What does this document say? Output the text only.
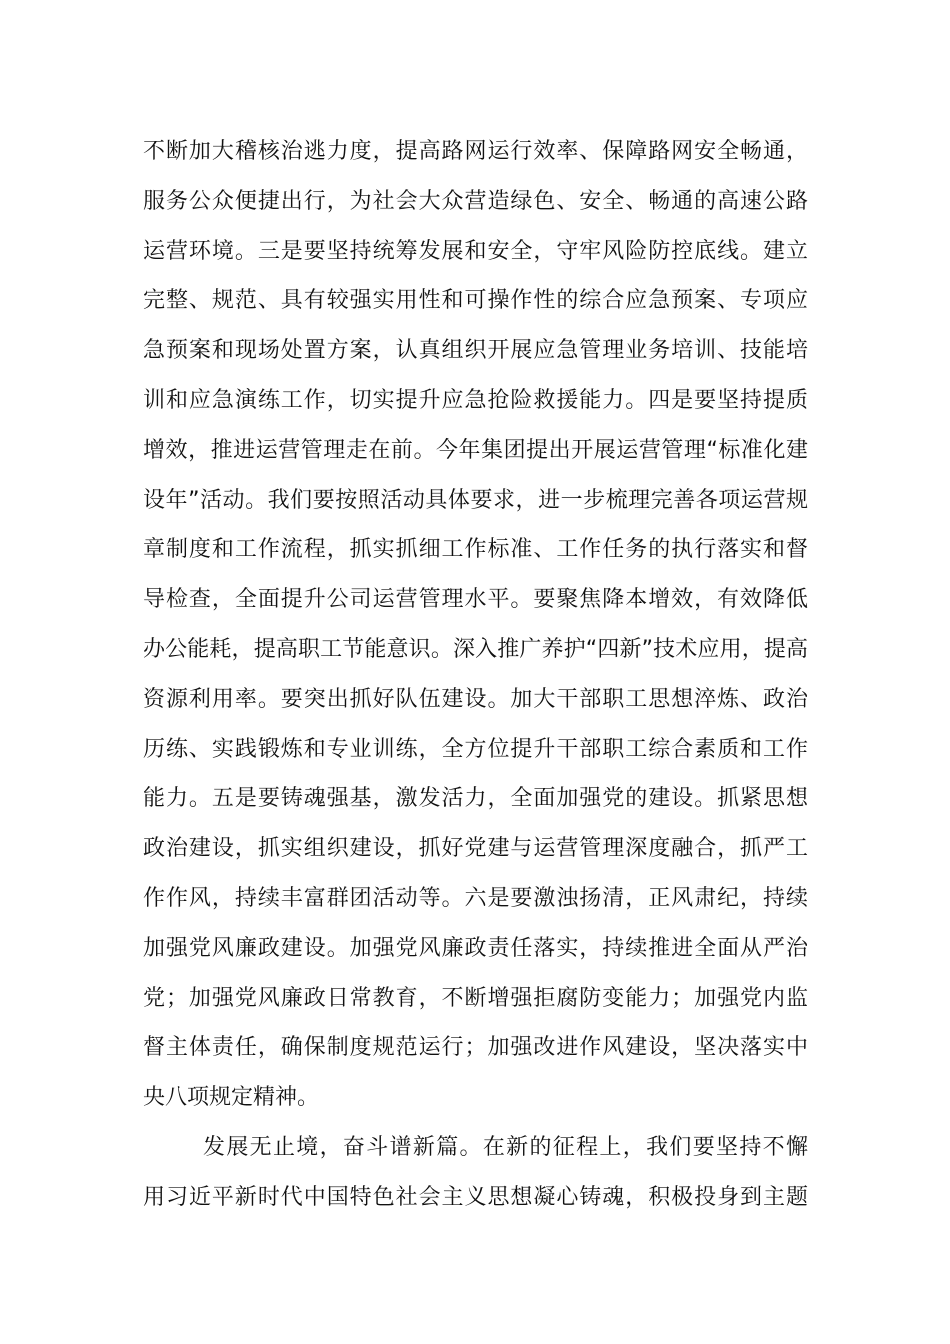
不断加大稽核治逃力度，提高路网运行效率、保障路网安全畅通，
服务公众便捷出行，为社会大众营造绿色、安全、畅通的高速公路
运营环境。三是要坚持统筹发展和安全，守牢风险防控底线。建立
完整、规范、具有较强实用性和可操作性的综合应急预案、专项应
急预案和现场处置方案，认真组织开展应急管理业务培训、技能培
训和应急演练工作，切实提升应急抢险救援能力。四是要坚持提质
增效，推进运营管理走在前。今年集团提出开展运营管理“标准化建
设年”活动。我们要按照活动具体要求，进一步梳理完善各项运营规
章制度和工作流程，抓实抓细工作标准、工作任务的执行落实和督
导检查，全面提升公司运营管理水平。要聚焦降本增效，有效降低
办公能耗，提高职工节能意识。深入推广养护“四新”技术应用，提高
资源利用率。要突出抓好队伍建设。加大干部职工思想淬炼、政治
历练、实践锻炼和专业训练，全方位提升干部职工综合素质和工作
能力。五是要铸魂强基，激发活力，全面加强党的建设。抓紧思想
政治建设，抓实组织建设，抓好党建与运营管理深度融合，抓严工
作作风，持续丰富群团活动等。六是要激浊扬清，正风肃纪，持续
加强党风廉政建设。加强党风廉政责任落实，持续推进全面从严治
党；加强党风廉政日常教育，不断增强拒腐防变能力；加强党内监
督主体责任，确保制度规范运行；加强改进作风建设，坚决落实中
央八项规定精神。
发展无止境，奋斗谱新篇。在新的征程上，我们要坚持不懈
用习近平新时代中国特色社会主义思想凝心铸魂，积极投身到主题
